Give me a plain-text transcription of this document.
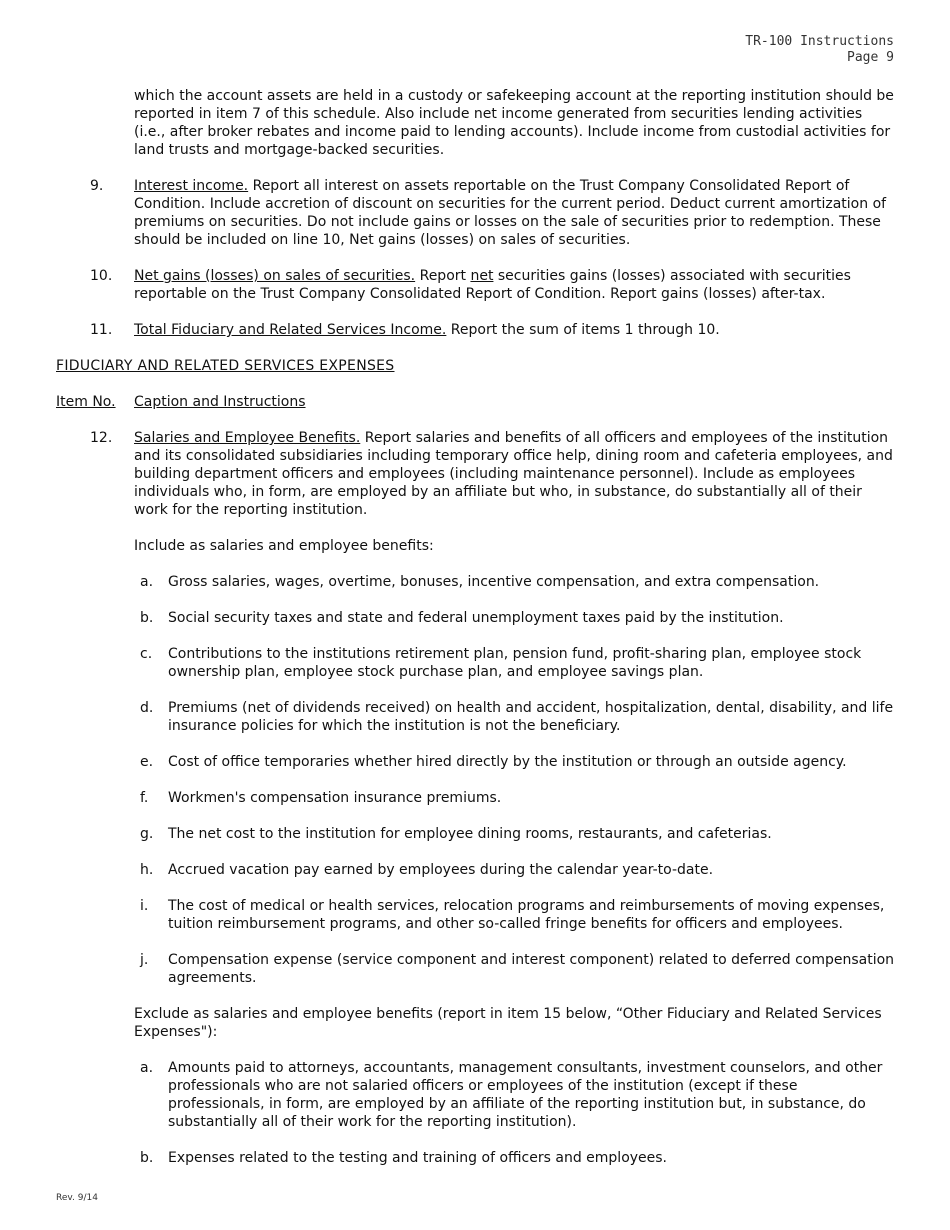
TR-100 Instructions
Page 9

which the account assets are held in a custody or safekeeping account at the reporting institution should be reported in item 7 of this schedule. Also include net income generated from securities lending activities (i.e., after broker rebates and income paid to lending accounts). Include income from custodial activities for land trusts and mortgage-backed securities.

9.	Interest income. Report all interest on assets reportable on the Trust Company Consolidated Report of Condition. Include accretion of discount on securities for the current period. Deduct current amortization of premiums on securities. Do not include gains or losses on the sale of securities prior to redemption. These should be included on line 10, Net gains (losses) on sales of securities.
10.	Net gains (losses) on sales of securities. Report net securities gains (losses) associated with securities reportable on the Trust Company Consolidated Report of Condition. Report gains (losses) after-tax.
11.	Total Fiduciary and Related Services Income. Report the sum of items 1 through 10.
FIDUCIARY AND RELATED SERVICES EXPENSES
Item No.	Caption and Instructions
12.	Salaries and Employee Benefits. Report salaries and benefits of all officers and employees of the institution and its consolidated subsidiaries including temporary office help, dining room and cafeteria employees, and building department officers and employees (including maintenance personnel). Include as employees individuals who, in form, are employed by an affiliate but who, in substance, do substantially all of their work for the reporting institution.

Include as salaries and employee benefits:

a.	Gross salaries, wages, overtime, bonuses, incentive compensation, and extra compensation.
b.	Social security taxes and state and federal unemployment taxes paid by the institution.
c.	Contributions to the institutions retirement plan, pension fund, profit-sharing plan, employee stock ownership plan, employee stock purchase plan, and employee savings plan.
d.	Premiums (net of dividends received) on health and accident, hospitalization, dental, disability, and life insurance policies for which the institution is not the beneficiary.
e.	Cost of office temporaries whether hired directly by the institution or through an outside agency.
f.	Workmen's compensation insurance premiums.
g.	The net cost to the institution for employee dining rooms, restaurants, and cafeterias.
h.	Accrued vacation pay earned by employees during the calendar year-to-date.
i.	The cost of medical or health services, relocation programs and reimbursements of moving expenses, tuition reimbursement programs, and other so-called fringe benefits for officers and employees.
j.	Compensation expense (service component and interest component) related to deferred compensation agreements.

Exclude as salaries and employee benefits (report in item 15 below, “Other Fiduciary and Related Services Expenses"):

a.	Amounts paid to attorneys, accountants, management consultants, investment counselors, and other professionals who are not salaried officers or employees of the institution (except if these professionals, in form, are employed by an affiliate of the reporting institution but, in substance, do substantially all of their work for the reporting institution).
b.	Expenses related to the testing and training of officers and employees.
Rev. 9/14
